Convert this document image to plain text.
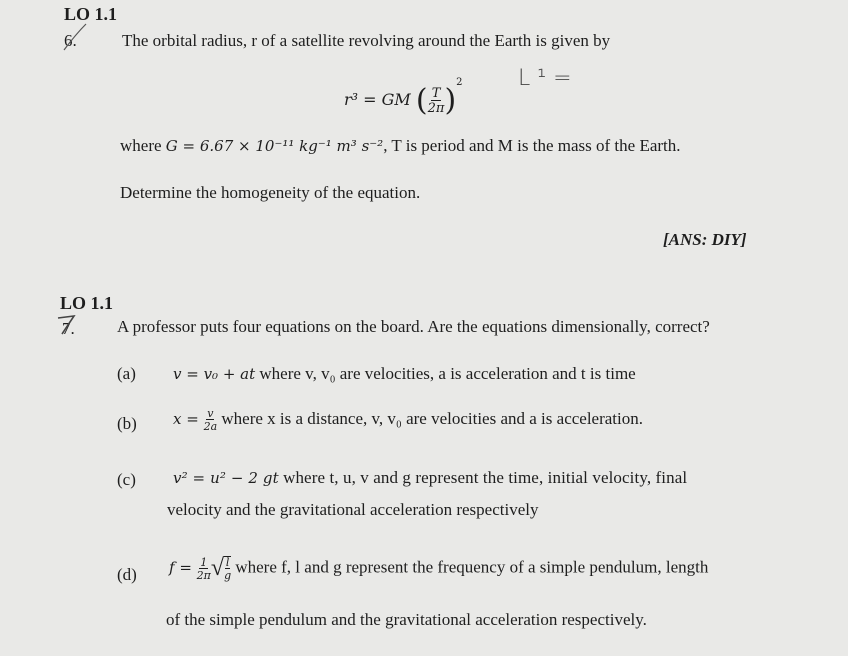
LO 1.1
6.	The orbital radius, r of a satellite revolving around the Earth is given by
r³ = GM ( $\frac{T}{2\pi} )^2$	L ¹ =
where G = 6.67 × 10⁻¹¹ kg⁻¹ m³ s⁻², T is period and M is the mass of the Earth.
Determine the homogeneity of the equation.
[ANS: DIY]
LO 1.1
7. A professor puts four equations on the board. Are the equations dimensionally, correct?
(a) v = v₀ + at where v, v₀ are velocities, a is acceleration and t is time
(b) $x = \frac{v}{2a}$ where x is a distance, v, v₀ are velocities and a is acceleration.
(c) v² = u² − 2 gt where t, u, v and g represent the time, initial velocity, final
velocity and the gravitational acceleration respectively
(d) $f = \frac{1}{2\pi}$ √ $\frac{l}{g}$ where f, l and g represent the frequency of a simple pendulum, length
of the simple pendulum and the gravitational acceleration respectively.
